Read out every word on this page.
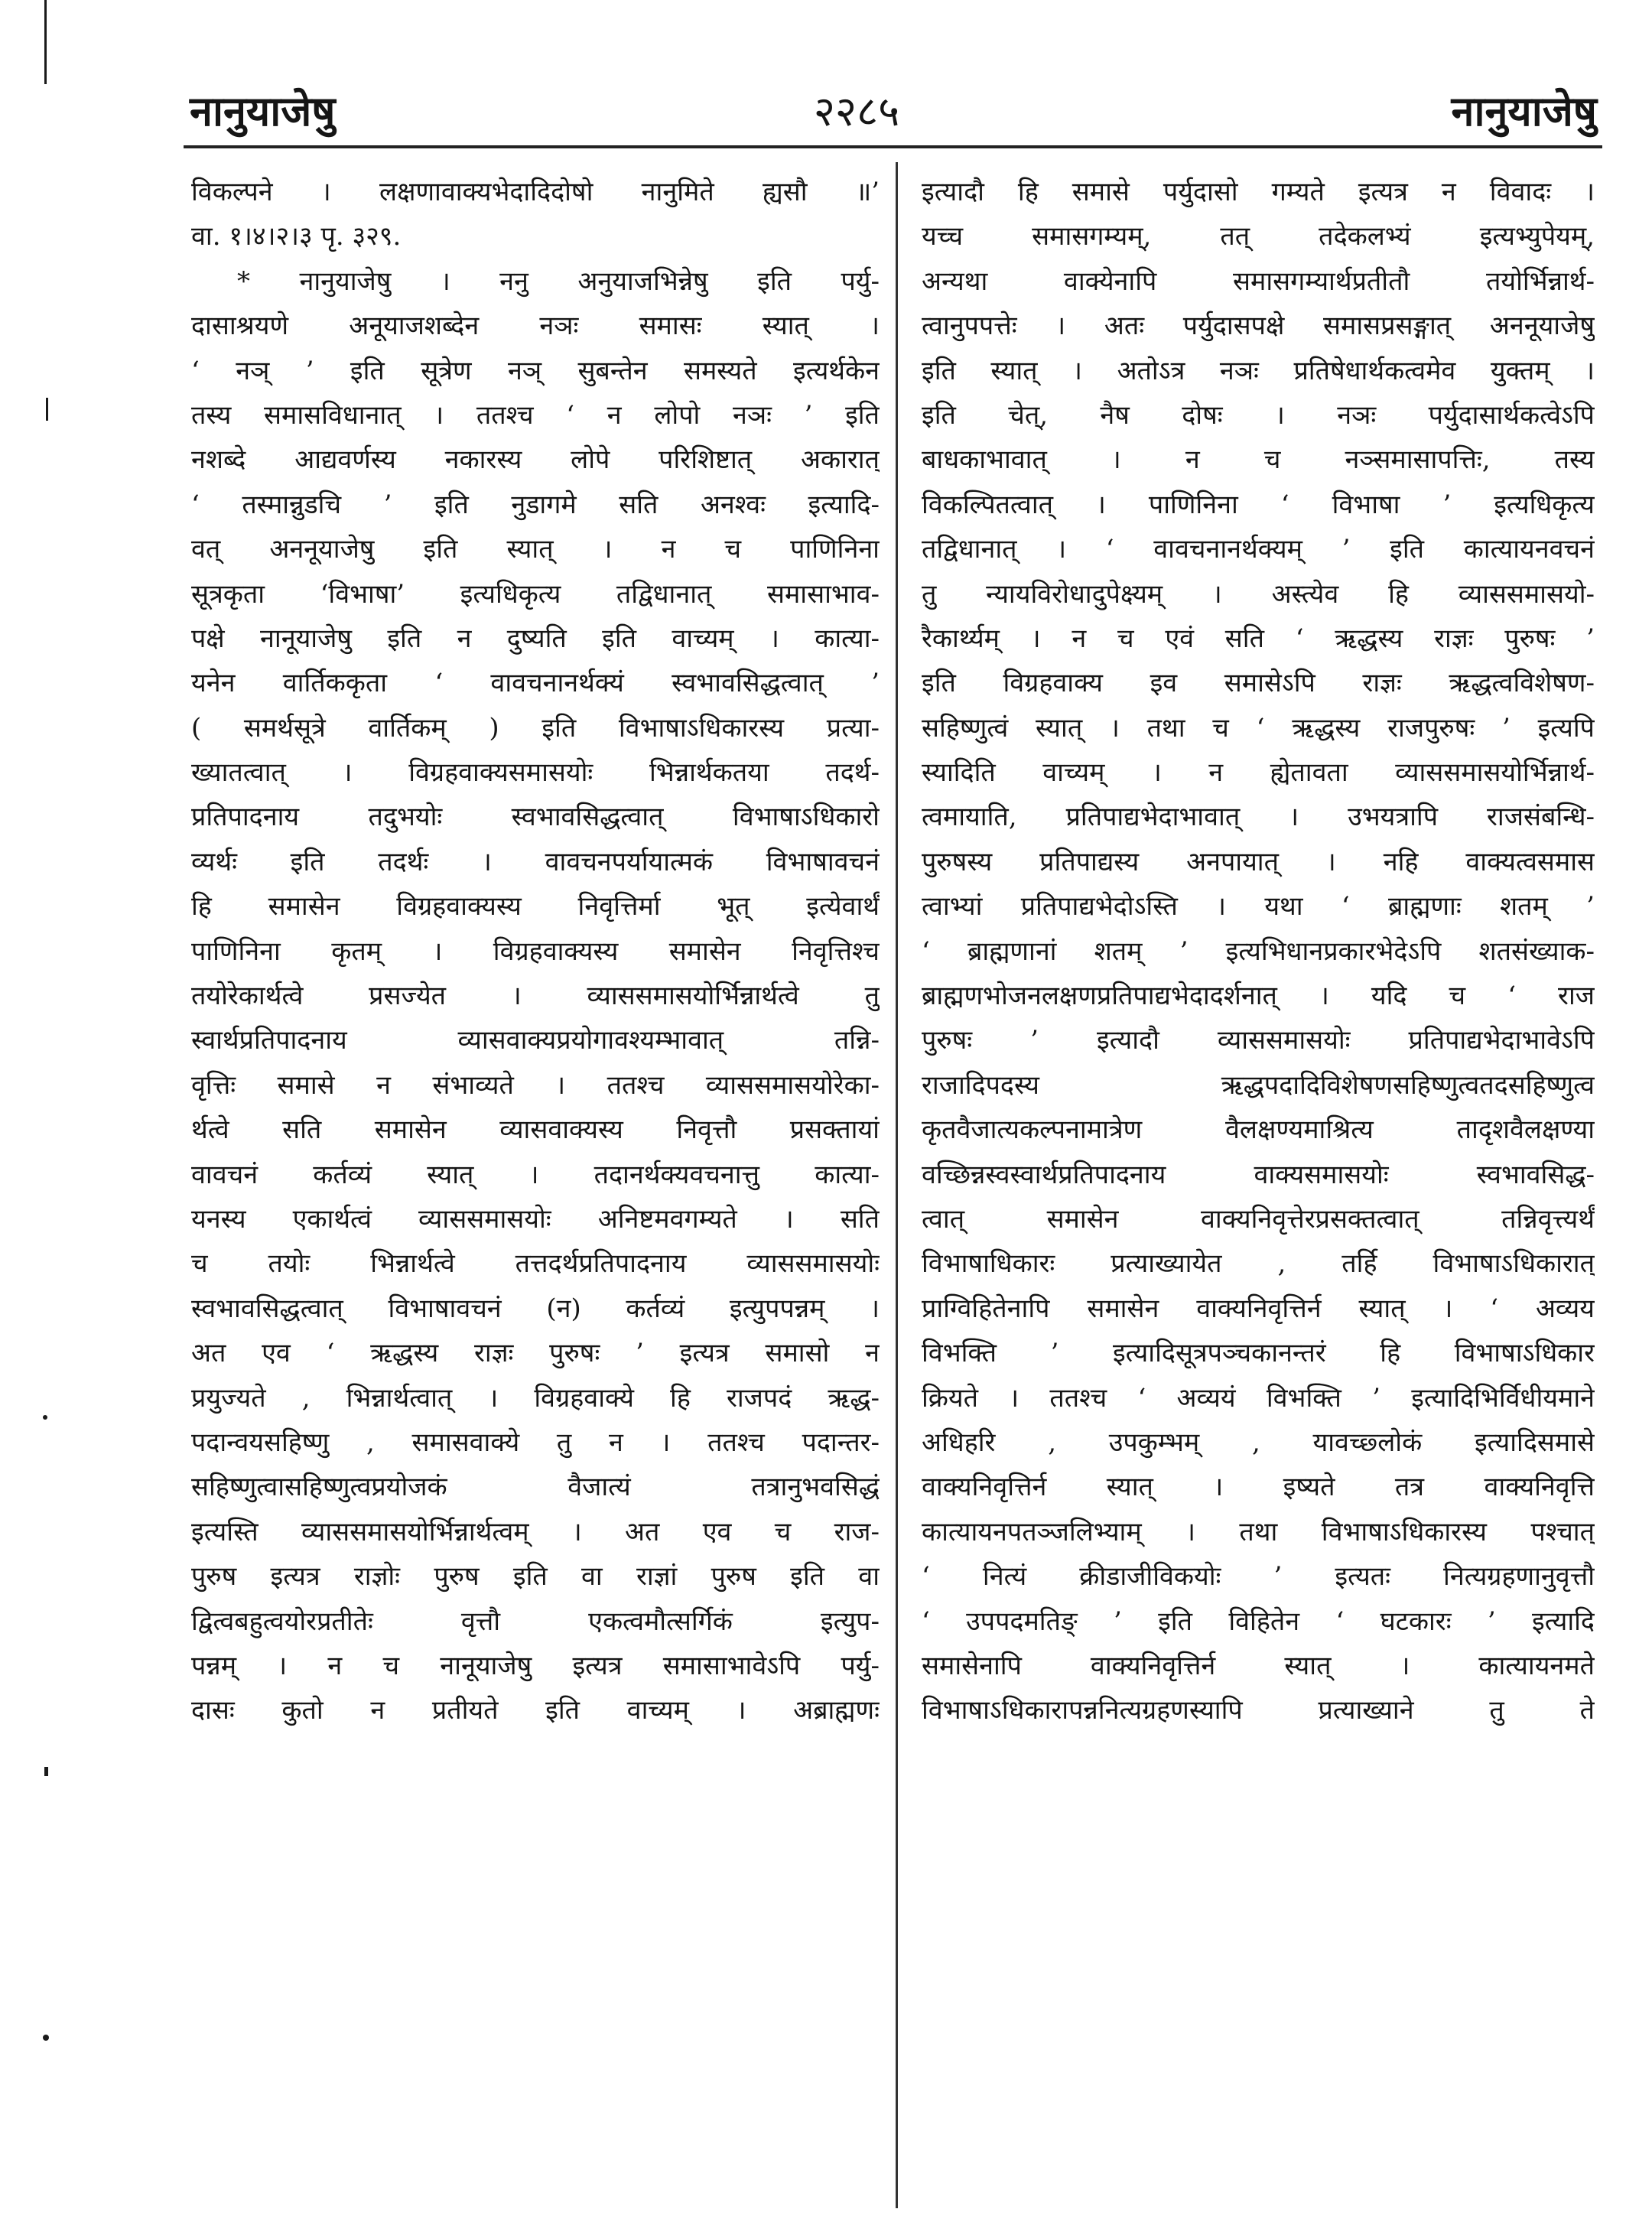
नानुयाजेषु	२२८५	नानुयाजेषु
विकल्पने । लक्षणावाक्यभेदादिदोषो नानुमिते ह्यसौ ॥’
वा. १।४।२।३ पृ. ३२९.
* नानुयाजेषु । ननु अनुयाजभिन्नेषु इति पर्यु-
दासाश्रयणे अनूयाजशब्देन नञः समासः स्यात् ।
‘ नञ् ’ इति सूत्रेण नञ् सुबन्तेन समस्यते इत्यर्थकेन
तस्य समासविधानात् । ततश्च ‘ न लोपो नञः ’ इति
नशब्दे आद्यवर्णस्य नकारस्य लोपे परिशिष्टात् अकारात्
‘ तस्मान्नुडचि ’ इति नुडागमे सति अनश्वः इत्यादि-
वत् अननूयाजेषु इति स्यात् । न च पाणिनिना
सूत्रकृता ‘विभाषा’ इत्यधिकृत्य तद्विधानात् समासाभाव-
पक्षे नानूयाजेषु इति न दुष्यति इति वाच्यम् । कात्या-
यनेन वार्तिककृता ‘ वावचनानर्थक्यं स्वभावसिद्धत्वात् ’
( समर्थसूत्रे वार्तिकम् ) इति विभाषाऽधिकारस्य प्रत्या-
ख्यातत्वात् । विग्रहवाक्यसमासयोः भिन्नार्थकतया तदर्थ-
प्रतिपादनाय तदुभयोः स्वभावसिद्धत्वात् विभाषाऽधिकारो
व्यर्थः इति तदर्थः । वावचनपर्यायात्मकं विभाषावचनं
हि समासेन विग्रहवाक्यस्य निवृत्तिर्मा भूत् इत्येवार्थं
पाणिनिना कृतम् । विग्रहवाक्यस्य समासेन निवृत्तिश्च
तयोरेकार्थत्वे प्रसज्येत । व्याससमासयोर्भिन्नार्थत्वे तु
स्वार्थप्रतिपादनाय व्यासवाक्यप्रयोगावश्यम्भावात् तन्नि-
वृत्तिः समासे न संभाव्यते । ततश्च व्याससमासयोरेका-
र्थत्वे सति समासेन व्यासवाक्यस्य निवृत्तौ प्रसक्तायां
वावचनं कर्तव्यं स्यात् । तदानर्थक्यवचनात्तु कात्या-
यनस्य एकार्थत्वं व्याससमासयोः अनिष्टमवगम्यते । सति
च तयोः भिन्नार्थत्वे तत्तदर्थप्रतिपादनाय व्याससमासयोः
स्वभावसिद्धत्वात् विभाषावचनं (न) कर्तव्यं इत्युपपन्नम् ।
अत एव ‘ ऋद्धस्य राज्ञः पुरुषः ’ इत्यत्र समासो न
प्रयुज्यते , भिन्नार्थत्वात् । विग्रहवाक्ये हि राजपदं ऋद्ध-
पदान्वयसहिष्णु , समासवाक्ये तु न । ततश्च पदान्तर-
सहिष्णुत्वासहिष्णुत्वप्रयोजकं वैजात्यं तत्रानुभवसिद्धं
इत्यस्ति व्याससमासयोर्भिन्नार्थत्वम् । अत एव च राज-
पुरुष इत्यत्र राज्ञोः पुरुष इति वा राज्ञां पुरुष इति वा
द्वित्वबहुत्वयोरप्रतीतेः वृत्तौ एकत्वमौत्सर्गिकं इत्युप-
पन्नम् । न च नानूयाजेषु इत्यत्र समासाभावेऽपि पर्यु-
दासः कुतो न प्रतीयते इति वाच्यम् । अब्राह्मणः
इत्यादौ हि समासे पर्युदासो गम्यते इत्यत्र न विवादः ।
यच्च समासगम्यम्, तत् तदेकलभ्यं इत्यभ्युपेयम्,
अन्यथा वाक्येनापि समासगम्यार्थप्रतीतौ तयोर्भिन्नार्थ-
त्वानुपपत्तेः । अतः पर्युदासपक्षे समासप्रसङ्गात् अननूयाजेषु
इति स्यात् । अतोऽत्र नञः प्रतिषेधार्थकत्वमेव युक्तम् ।
इति चेत्, नैष दोषः । नञः पर्युदासार्थकत्वेऽपि
बाधकाभावात् । न च नञ्समासापत्तिः, तस्य
विकल्पितत्वात् । पाणिनिना ‘ विभाषा ’ इत्यधिकृत्य
तद्विधानात् । ‘ वावचनानर्थक्यम् ’ इति कात्यायनवचनं
तु न्यायविरोधादुपेक्ष्यम् । अस्त्येव हि व्याससमासयो-
रैकार्थ्यम् । न च एवं सति ‘ ऋद्धस्य राज्ञः पुरुषः ’
इति विग्रहवाक्य इव समासेऽपि राज्ञः ऋद्धत्वविशेषण-
सहिष्णुत्वं स्यात् । तथा च ‘ ऋद्धस्य राजपुरुषः ’ इत्यपि
स्यादिति वाच्यम् । न ह्येतावता व्याससमासयोर्भिन्नार्थ-
त्वमायाति, प्रतिपाद्यभेदाभावात् । उभयत्रापि राजसंबन्धि-
पुरुषस्य प्रतिपाद्यस्य अनपायात् । नहि वाक्यत्वसमास
त्वाभ्यां प्रतिपाद्यभेदोऽस्ति । यथा ‘ ब्राह्मणाः शतम् ’
‘ ब्राह्मणानां शतम् ’ इत्यभिधानप्रकारभेदेऽपि शतसंख्याक-
ब्राह्मणभोजनलक्षणप्रतिपाद्यभेदादर्शनात् । यदि च ‘ राज
पुरुषः ’ इत्यादौ व्याससमासयोः प्रतिपाद्यभेदाभावेऽपि
राजादिपदस्य ऋद्धपदादिविशेषणसहिष्णुत्वतदसहिष्णुत्व
कृतवैजात्यकल्पनामात्रेण वैलक्षण्यमाश्रित्य तादृशवैलक्षण्या
वच्छिन्नस्वस्वार्थप्रतिपादनाय वाक्यसमासयोः स्वभावसिद्ध-
त्वात् समासेन वाक्यनिवृत्तेरप्रसक्तत्वात् तन्निवृत्त्यर्थं
विभाषाधिकारः प्रत्याख्यायेत , तर्हि विभाषाऽधिकारात्
प्राग्विहितेनापि समासेन वाक्यनिवृत्तिर्न स्यात् । ‘ अव्यय
विभक्ति ’ इत्यादिसूत्रपञ्चकानन्तरं हि विभाषाऽधिकार
क्रियते । ततश्च ‘ अव्ययं विभक्ति ’ इत्यादिभिर्विधीयमाने
अधिहरि , उपकुम्भम् , यावच्छ्लोकं इत्यादिसमासे
वाक्यनिवृत्तिर्न स्यात् । इष्यते तत्र वाक्यनिवृत्ति
कात्यायनपतञ्जलिभ्याम् । तथा विभाषाऽधिकारस्य पश्चात्
‘ नित्यं क्रीडाजीविकयोः ’ इत्यतः नित्यग्रहणानुवृत्तौ
‘ उपपदमतिङ् ’ इति विहितेन ‘ घटकारः ’ इत्यादि
समासेनापि वाक्यनिवृत्तिर्न स्यात् । कात्यायनमते
विभाषाऽधिकारापन्ननित्यग्रहणस्यापि प्रत्याख्याने तु ते
